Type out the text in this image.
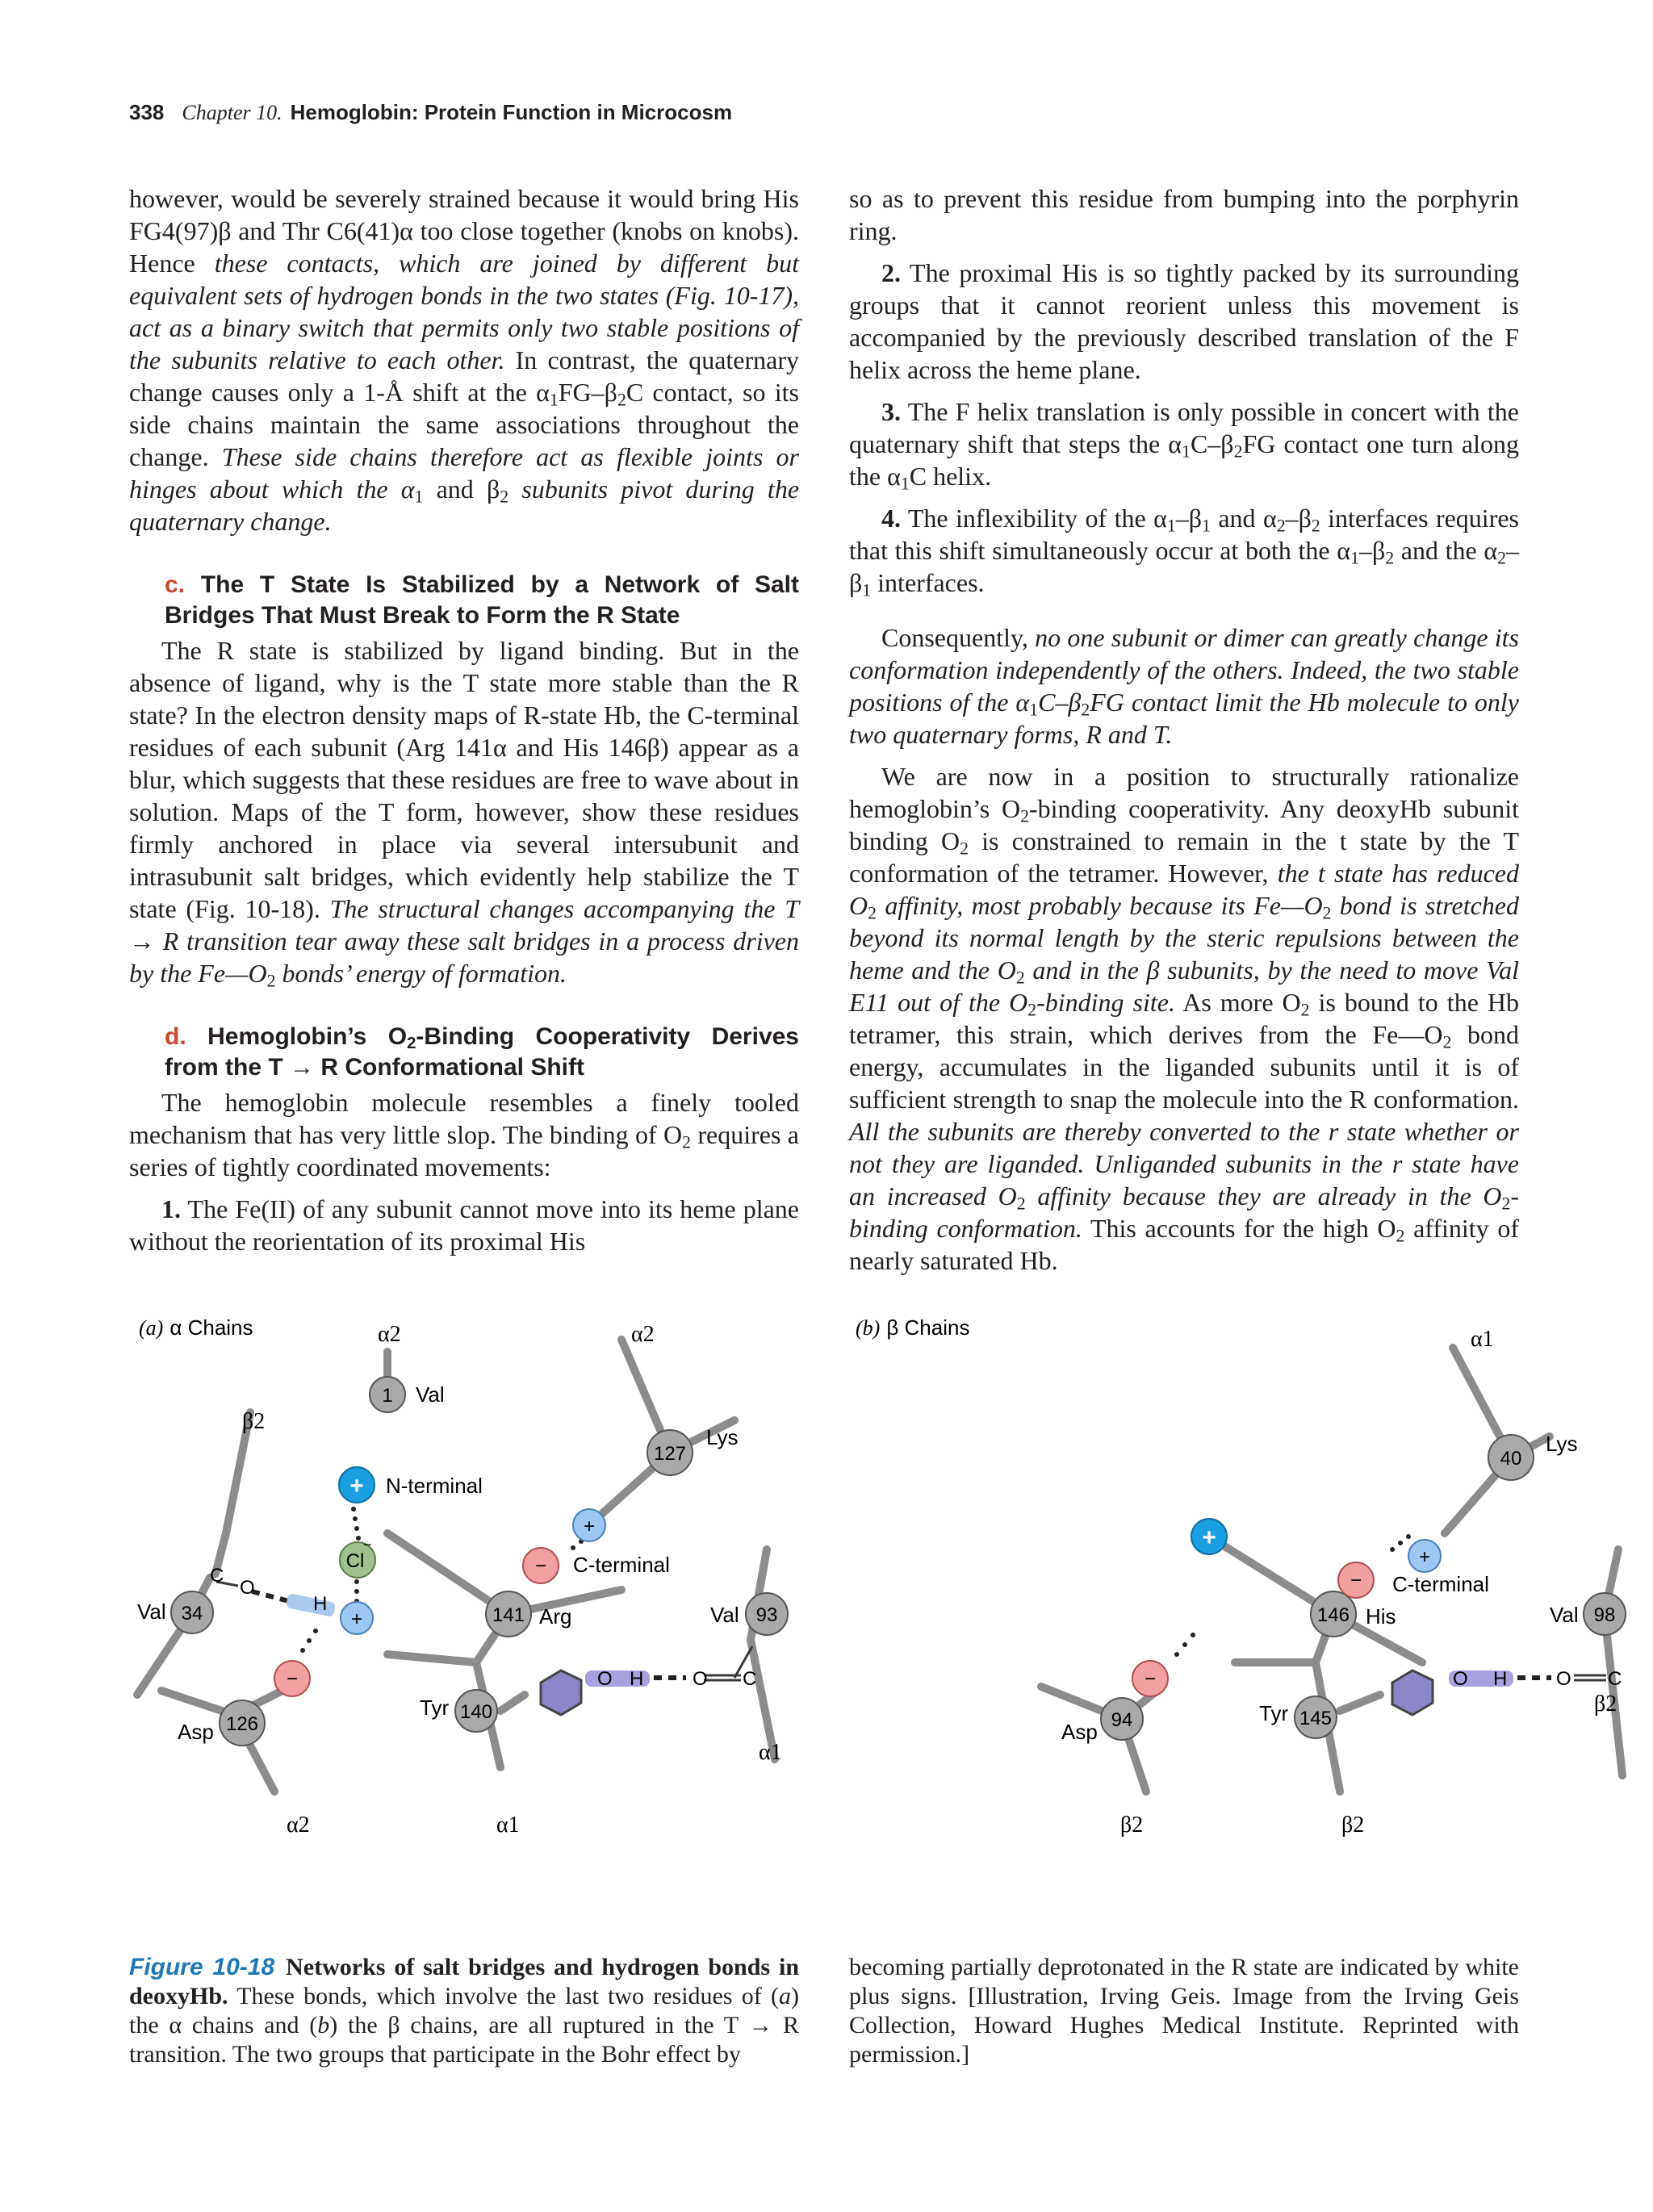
338 Chapter 10. Hemoglobin: Protein Function in Microcosm

however, would be severely strained because it would bring His FG4(97)β and Thr C6(41)α too close together (knobs on knobs). Hence these contacts, which are joined by different but equivalent sets of hydrogen bonds in the two states (Fig. 10-17), act as a binary switch that permits only two stable positions of the subunits relative to each other. In contrast, the quaternary change causes only a 1-Å shift at the $\alpha_1FG-\beta_2C$ contact, so its side chains maintain the same associations throughout the change. These side chains therefore act as flexible joints or hinges about which the $\alpha_1$ and $\beta_2$ subunits pivot during the quaternary change.

c. The T State Is Stabilized by a Network of Salt Bridges That Must Break to Form the R State

The R state is stabilized by ligand binding. But in the absence of ligand, why is the T state more stable than the R state? In the electron density maps of R-state Hb, the C-terminal residues of each subunit (Arg 141α and His 146β) appear as a blur, which suggests that these residues are free to wave about in solution. Maps of the T form, however, show these residues firmly anchored in place via several intersubunit and intrasubunit salt bridges, which evidently help stabilize the T state (Fig. 10-18). The structural changes accompanying the T → R transition tear away these salt bridges in a process driven by the $Fe—O_2$ bonds’ energy of formation.

d. Hemoglobin’s $O_2$-Binding Cooperativity Derives from the T → R Conformational Shift

The hemoglobin molecule resembles a finely tooled mechanism that has very little slop. The binding of $O_2$ requires a series of tightly coordinated movements:

1. The Fe(II) of any subunit cannot move into its heme plane without the reorientation of its proximal His

so as to prevent this residue from bumping into the porphyrin ring.

2. The proximal His is so tightly packed by its surrounding groups that it cannot reorient unless this movement is accompanied by the previously described translation of the F helix across the heme plane.

3. The F helix translation is only possible in concert with the quaternary shift that steps the $\alpha_1C-\beta_2FG$ contact one turn along the $\alpha_1C$ helix.

4. The inflexibility of the $\alpha_1-\beta_1$ and $\alpha_2-\beta_2$ interfaces requires that this shift simultaneously occur at both the $\alpha_1-\beta_2$ and the $\alpha_2-\beta_1$ interfaces.

Consequently, no one subunit or dimer can greatly change its conformation independently of the others. Indeed, the two stable positions of the $\alpha_1C-\beta_2FG$ contact limit the Hb molecule to only two quaternary forms, R and T.

We are now in a position to structurally rationalize hemoglobin’s $O_2$-binding cooperativity. Any deoxyHb subunit binding $O_2$ is constrained to remain in the t state by the T conformation of the tetramer. However, the t state has reduced $O_2$ affinity, most probably because its $Fe—O_2$ bond is stretched beyond its normal length by the steric repulsions between the heme and the $O_2$ and in the β subunits, by the need to move Val E11 out of the $O_2$-binding site. As more $O_2$ is bound to the Hb tetramer, this strain, which derives from the $Fe—O_2$ bond energy, accumulates in the liganded subunits until it is of sufficient strength to snap the molecule into the R conformation. All the subunits are thereby converted to the r state whether or not they are liganded. Unliganded subunits in the r state have an increased $O_2$ affinity because they are already in the $O_2$-binding conformation. This accounts for the high $O_2$ affinity of nearly saturated Hb.

(a) α Chains
1 Val
127
Lys
34
Val	141 Arg	93
Val
140
Tyr
126
Asp
+ N-terminal
Cl
−
+
− C-terminal
+
−
C
O
H
O H	O C
α2	α2
β2
α1
α2	α1
(b) β Chains
40
Lys
146 His	98
Val
145
Tyr
94
Asp
+
+
− C-terminal
−	O H	O C
α1
β2
β2	β2
Figure 10-18 Networks of salt bridges and hydrogen bonds in deoxyHb. These bonds, which involve the last two residues of (a) the α chains and (b) the β chains, are all ruptured in the T → R transition. The two groups that participate in the Bohr effect by
becoming partially deprotonated in the R state are indicated by white plus signs. [Illustration, Irving Geis. Image from the Irving Geis Collection, Howard Hughes Medical Institute. Reprinted with permission.]
